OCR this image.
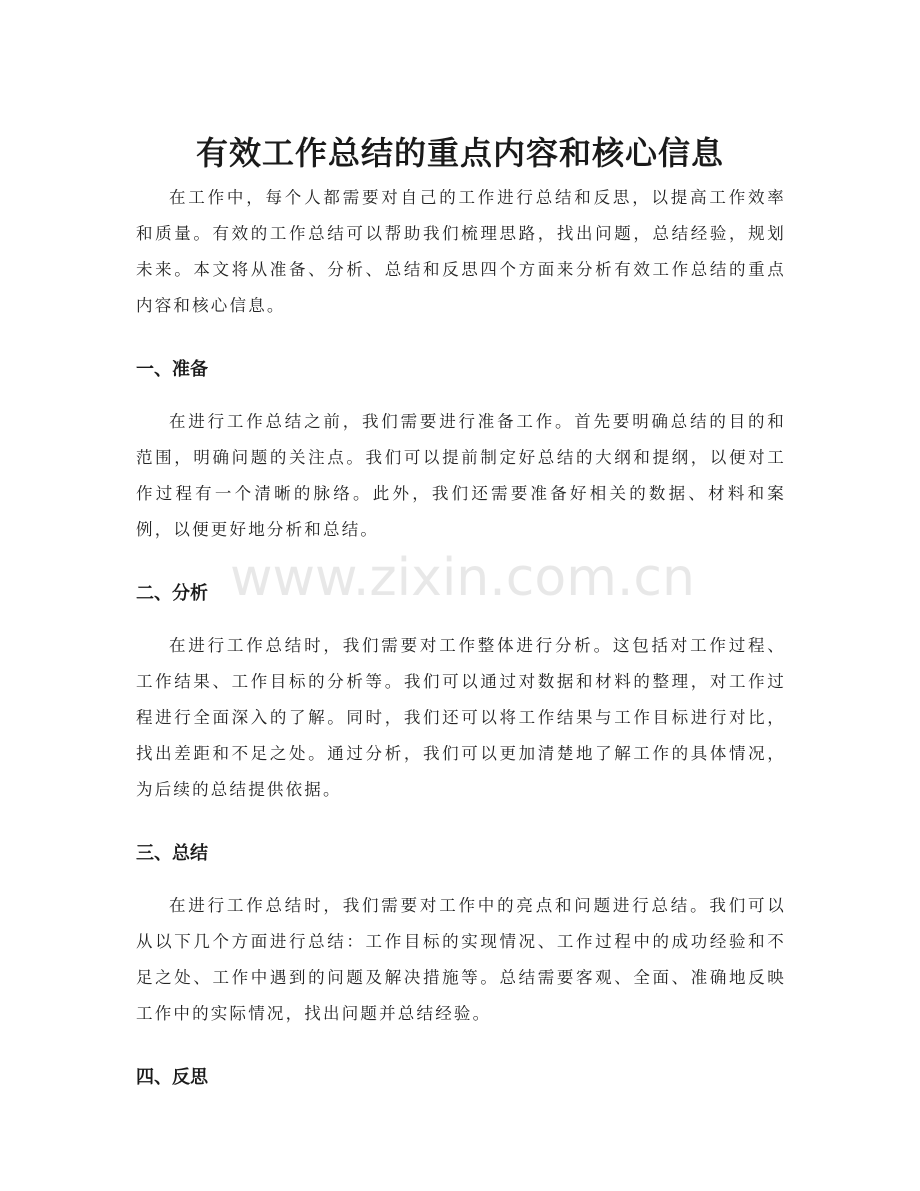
有效工作总结的重点内容和核心信息

在工作中，每个人都需要对自己的工作进行总结和反思，以提高工作效率和质量。有效的工作总结可以帮助我们梳理思路，找出问题，总结经验，规划未来。本文将从准备、分析、总结和反思四个方面来分析有效工作总结的重点内容和核心信息。

一、准备

在进行工作总结之前，我们需要进行准备工作。首先要明确总结的目的和范围，明确问题的关注点。我们可以提前制定好总结的大纲和提纲，以便对工作过程有一个清晰的脉络。此外，我们还需要准备好相关的数据、材料和案例，以便更好地分析和总结。

二、分析

在进行工作总结时，我们需要对工作整体进行分析。这包括对工作过程、工作结果、工作目标的分析等。我们可以通过对数据和材料的整理，对工作过程进行全面深入的了解。同时，我们还可以将工作结果与工作目标进行对比，找出差距和不足之处。通过分析，我们可以更加清楚地了解工作的具体情况，为后续的总结提供依据。

三、总结

在进行工作总结时，我们需要对工作中的亮点和问题进行总结。我们可以从以下几个方面进行总结：工作目标的实现情况、工作过程中的成功经验和不足之处、工作中遇到的问题及解决措施等。总结需要客观、全面、准确地反映工作中的实际情况，找出问题并总结经验。

四、反思
www.zixin.com.cn
